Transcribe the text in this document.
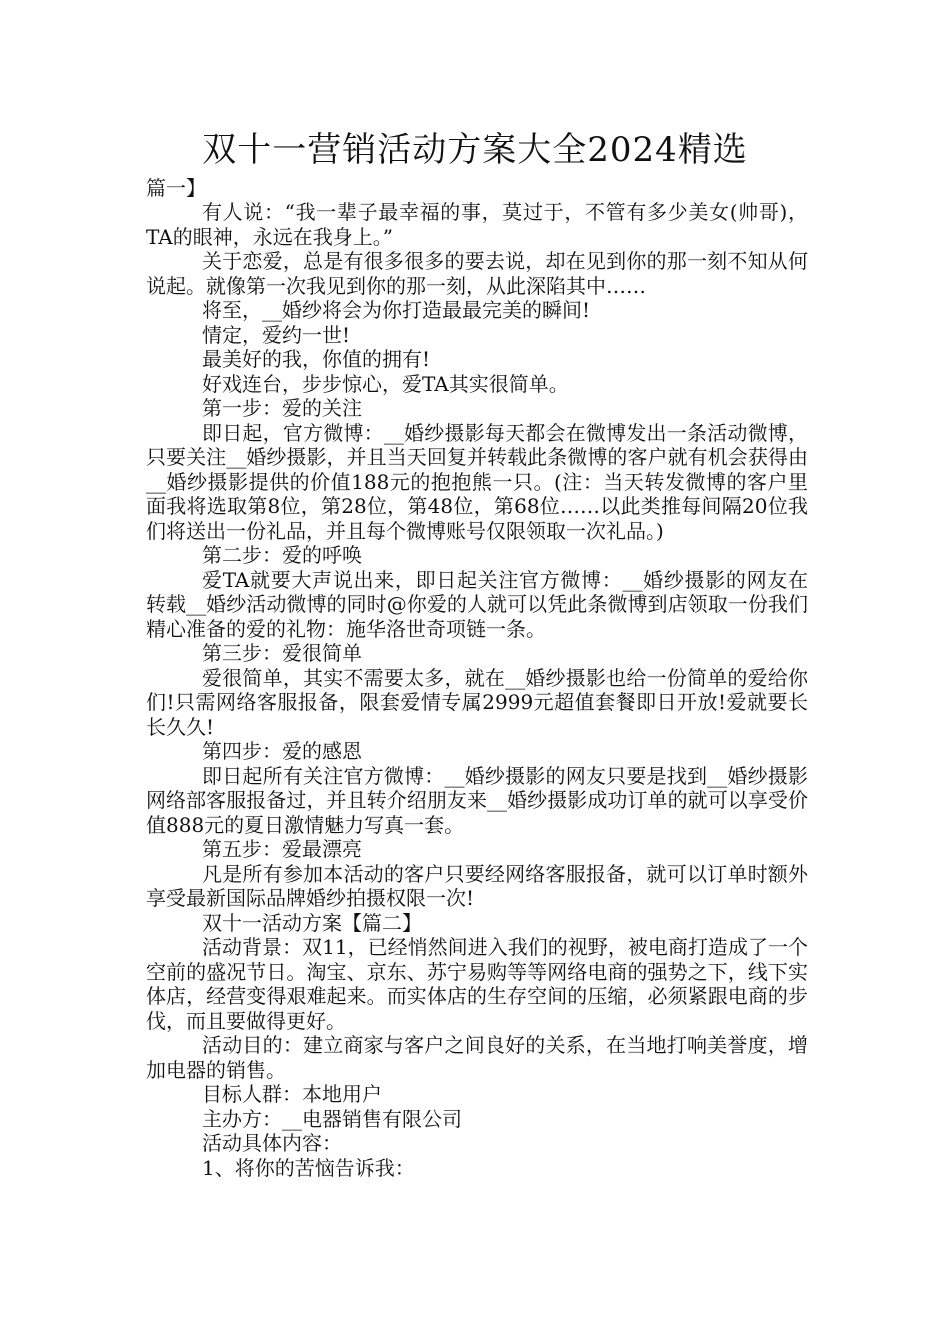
双十一营销活动方案大全2024精选
篇一】

有人说：“我一辈子最幸福的事，莫过于，不管有多少美女(帅哥)，TA的眼神，永远在我身上。”

关于恋爱，总是有很多很多的要去说，却在见到你的那一刻不知从何说起。就像第一次我见到你的那一刻，从此深陷其中……

将至，__婚纱将会为你打造最最完美的瞬间!

情定，爱约一世!

最美好的我，你值的拥有!

好戏连台，步步惊心，爱TA其实很简单。

第一步：爱的关注

即日起，官方微博：__婚纱摄影每天都会在微博发出一条活动微博，只要关注__婚纱摄影，并且当天回复并转载此条微博的客户就有机会获得由__婚纱摄影提供的价值188元的抱抱熊一只。(注：当天转发微博的客户里面我将选取第8位，第28位，第48位，第68位……以此类推每间隔20位我们将送出一份礼品，并且每个微博账号仅限领取一次礼品。)

第二步：爱的呼唤

爱TA就要大声说出来，即日起关注官方微博：__婚纱摄影的网友在转载__婚纱活动微博的同时@你爱的人就可以凭此条微博到店领取一份我们精心准备的爱的礼物：施华洛世奇项链一条。

第三步：爱很简单

爱很简单，其实不需要太多，就在__婚纱摄影也给一份简单的爱给你们!只需网络客服报备，限套爱情专属2999元超值套餐即日开放!爱就要长长久久!

第四步：爱的感恩

即日起所有关注官方微博：__婚纱摄影的网友只要是找到__婚纱摄影网络部客服报备过，并且转介绍朋友来__婚纱摄影成功订单的就可以享受价值888元的夏日激情魅力写真一套。

第五步：爱最漂亮

凡是所有参加本活动的客户只要经网络客服报备，就可以订单时额外享受最新国际品牌婚纱拍摄权限一次!

双十一活动方案【篇二】

活动背景：双11，已经悄然间进入我们的视野，被电商打造成了一个空前的盛况节日。淘宝、京东、苏宁易购等等网络电商的强势之下，线下实体店，经营变得艰难起来。而实体店的生存空间的压缩，必须紧跟电商的步伐，而且要做得更好。

活动目的：建立商家与客户之间良好的关系，在当地打响美誉度，增加电器的销售。

目标人群：本地用户

主办方：__电器销售有限公司

活动具体内容：

1、将你的苦恼告诉我：
